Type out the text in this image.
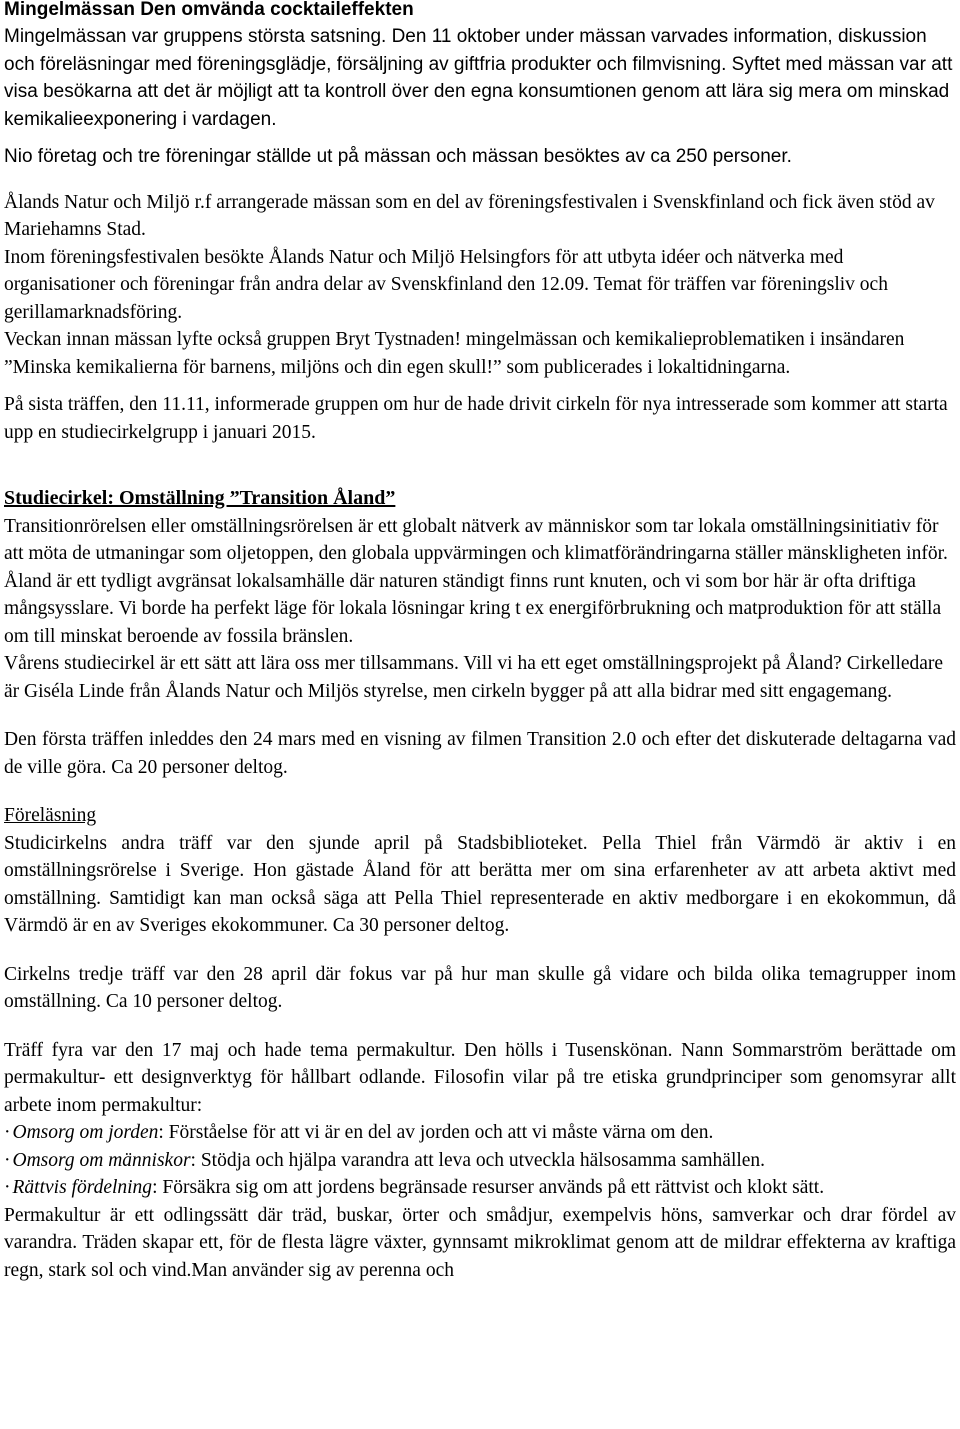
Mingelmässan Den omvända cocktaileffekten

Mingelmässan var gruppens största satsning. Den 11 oktober under mässan varvades information, diskussion och föreläsningar med föreningsglädje, försäljning av giftfria produkter och filmvisning. Syftet med mässan var att visa besökarna att det är möjligt att ta kontroll över den egna konsumtionen genom att lära sig mera om minskad kemikalieexponering i vardagen.

Nio företag och tre föreningar ställde ut på mässan och mässan besöktes av ca 250 personer.

Ålands Natur och Miljö r.f arrangerade mässan som en del av föreningsfestivalen i Svenskfinland och fick även stöd av Mariehamns Stad.

Inom föreningsfestivalen besökte Ålands Natur och Miljö Helsingfors för att utbyta idéer och nätverka med organisationer och föreningar från andra delar av Svenskfinland den 12.09. Temat för träffen var föreningsliv och gerillamarknadsföring.

Veckan innan mässan lyfte också gruppen Bryt Tystnaden! mingelmässan och kemikalieproblematiken i insändaren ”Minska kemikalierna för barnens, miljöns och din egen skull!” som publicerades i lokaltidningarna.

På sista träffen, den 11.11, informerade gruppen om hur de hade drivit cirkeln för nya intresserade som kommer att starta upp en studiecirkelgrupp i januari 2015.

Studiecirkel: Omställning ”Transition Åland”

Transitionrörelsen eller omställningsrörelsen är ett globalt nätverk av människor som tar lokala omställningsinitiativ för att möta de utmaningar som oljetoppen, den globala uppvärmingen och klimatförändringarna ställer mänskligheten inför. Åland är ett tydligt avgränsat lokalsamhälle där naturen ständigt finns runt knuten, och vi som bor här är ofta driftiga mångsysslare. Vi borde ha perfekt läge för lokala lösningar kring t ex energiförbrukning och matproduktion för att ställa om till minskat beroende av fossila bränslen.

Vårens studiecirkel är ett sätt att lära oss mer tillsammans. Vill vi ha ett eget omställningsprojekt på Åland? Cirkelledare är Giséla Linde från Ålands Natur och Miljös styrelse, men cirkeln bygger på att alla bidrar med sitt engagemang.

Den första träffen inleddes den 24 mars med en visning av filmen Transition 2.0 och efter det diskuterade deltagarna vad de ville göra. Ca 20 personer deltog.

Föreläsning

Studicirkelns andra träff var den sjunde april på Stadsbiblioteket. Pella Thiel från Värmdö är aktiv i en omställningsrörelse i Sverige. Hon gästade Åland för att berätta mer om sina erfarenheter av att arbeta aktivt med omställning. Samtidigt kan man också säga att Pella Thiel representerade en aktiv medborgare i en ekokommun, då Värmdö är en av Sveriges ekokommuner. Ca 30 personer deltog.

Cirkelns tredje träff var den 28 april där fokus var på hur man skulle gå vidare och bilda olika temagrupper inom omställning. Ca 10 personer deltog.

Träff fyra var den 17 maj och hade tema permakultur. Den hölls i Tusenskönan. Nann Sommarström berättade om permakultur- ett designverktyg för hållbart odlande. Filosofin vilar på tre etiska grundprinciper som genomsyrar allt arbete inom permakultur:

· Omsorg om jorden: Förståelse för att vi är en del av jorden och att vi måste värna om den.

· Omsorg om människor: Stödja och hjälpa varandra att leva och utveckla hälsosamma samhällen.

· Rättvis fördelning: Försäkra sig om att jordens begränsade resurser används på ett rättvist och klokt sätt.

Permakultur är ett odlingssätt där träd, buskar, örter och smådjur, exempelvis höns, samverkar och drar fördel av varandra. Träden skapar ett, för de flesta lägre växter, gynnsamt mikroklimat genom att de mildrar effekterna av kraftiga regn, stark sol och vind.Man använder sig av perenna och
